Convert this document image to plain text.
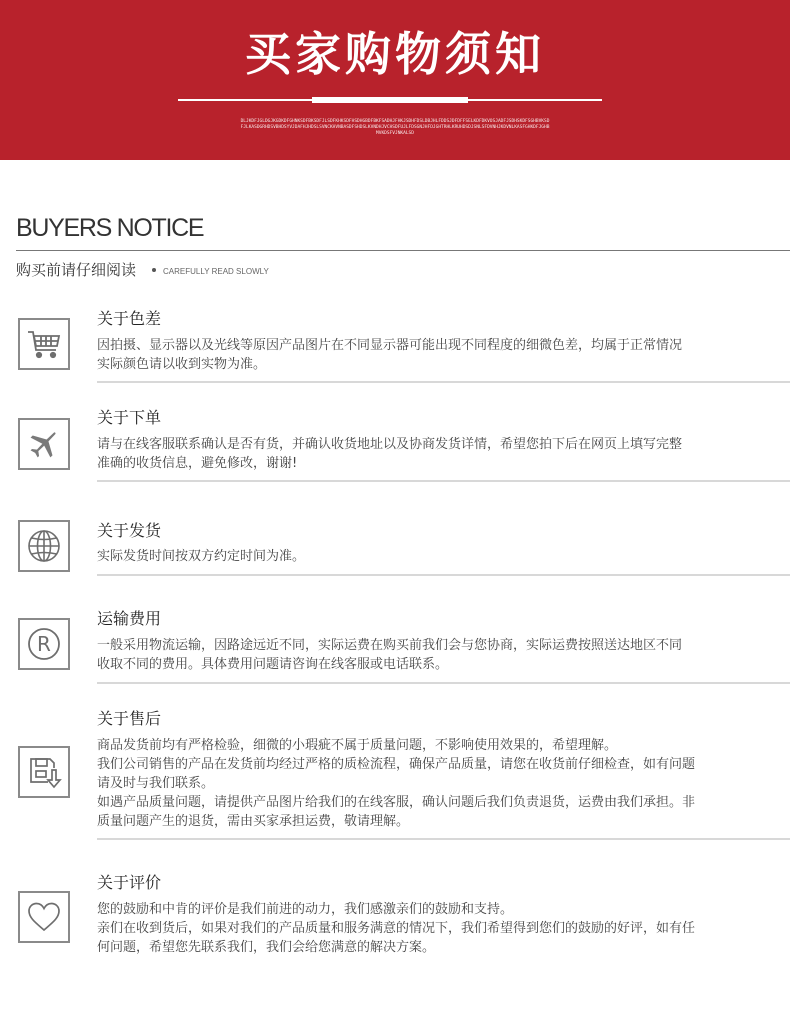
买家购物须知
DLJKDFJGLDGJKGDKDFGHNKSDFBKSDFJLSDFKHKSDFHSDHGBDFBKFSADHJFHKJSDHFDSLDBJHLFDDSJDFDFFSELKDFDKVOSJADFJSDHSKDFSGHBVKSDFJLKASDGRHDSVBHDSYVJDAFHJHDSLSVNCKHVNBASDFSHDSLKVNDHJVCHSDFUJLFDSGNJHFDJGHTRHLKRUHDSDJSNLSFDVNHJKDVNLKASFGHKDFJGHBMVKDSFVJNKALSD
BUYERS NOTICE
购买前请仔细阅读	CAREFULLY READ SLOWLY
关于色差

因拍摄、显示器以及光线等原因产品图片在不同显示器可能出现不同程度的细微色差，均属于正常情况

实际颜色请以收到实物为准。

关于下单

请与在线客服联系确认是否有货，并确认收货地址以及协商发货详情，希望您拍下后在网页上填写完整

准确的收货信息，避免修改，谢谢!

关于发货

实际发货时间按双方约定时间为准。

R
运输费用

一般采用物流运输，因路途远近不同，实际运费在购买前我们会与您协商，实际运费按照送达地区不同

收取不同的费用。具体费用问题请咨询在线客服或电话联系。

关于售后

商品发货前均有严格检验，细微的小瑕疵不属于质量问题，不影响使用效果的，希望理解。

我们公司销售的产品在发货前均经过严格的质检流程，确保产品质量，请您在收货前仔细检查，如有问题

请及时与我们联系。

如遇产品质量问题，请提供产品图片给我们的在线客服，确认问题后我们负责退货，运费由我们承担。非

质量问题产生的退货，需由买家承担运费，敬请理解。

关于评价

您的鼓励和中肯的评价是我们前进的动力，我们感激亲们的鼓励和支持。

亲们在收到货后，如果对我们的产品质量和服务满意的情况下，我们希望得到您们的鼓励的好评，如有任

何问题，希望您先联系我们，我们会给您满意的解决方案。
